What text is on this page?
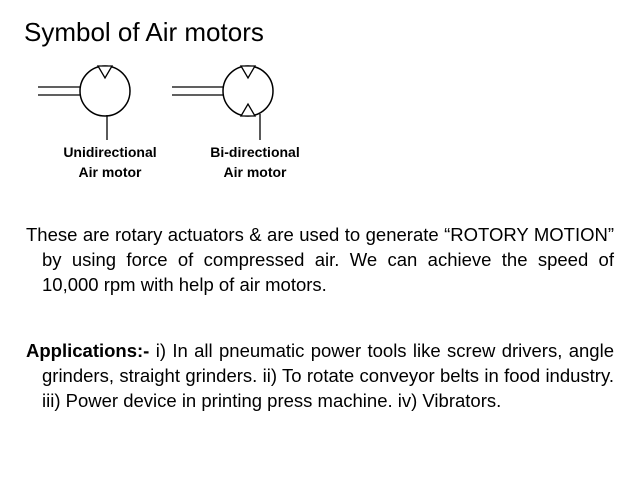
Symbol of Air motors
Unidirectional
Air motor
Bi-directional
Air motor
These are rotary actuators & are used to generate “ROTORY MOTION” by using force of compressed air. We can achieve the speed of 10,000 rpm with help of air motors.
Applications:- i) In all pneumatic power tools like screw drivers, angle grinders, straight grinders. ii) To rotate conveyor belts in food industry. iii) Power device in printing press machine. iv) Vibrators.
